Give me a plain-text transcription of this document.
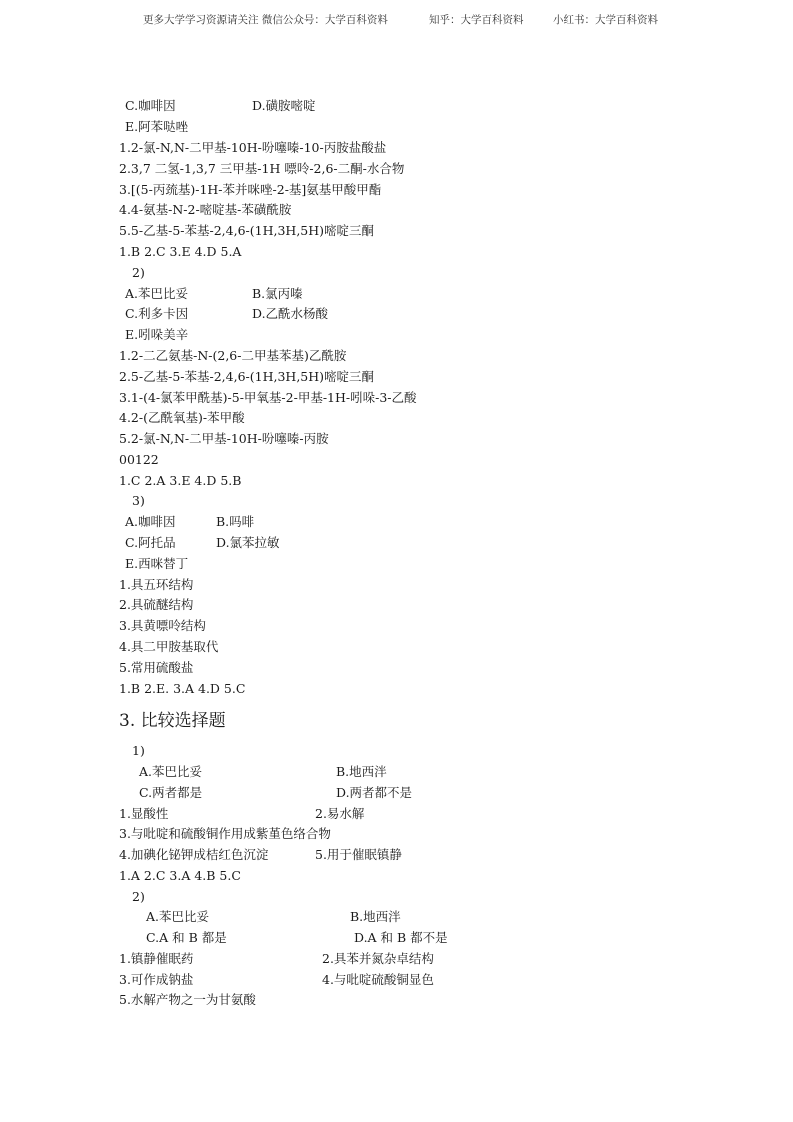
更多大学学习资源请关注 微信公众号：大学百科资料	知乎：大学百科资料	小红书：大学百科资料
C.咖啡因	D.磺胺嘧啶
E.阿苯哒唑
1.2-氯-N,N-二甲基-10H-吩噻嗪-10-丙胺盐酸盐
2.3,7 二氢-1,3,7 三甲基-1H 嘌呤-2,6-二酮-水合物
3.[(5-丙巯基)-1H-苯并咪唑-2-基]氨基甲酸甲酯
4.4-氨基-N-2-嘧啶基-苯磺酰胺
5.5-乙基-5-苯基-2,4,6-(1H,3H,5H)嘧啶三酮
1.B 2.C 3.E 4.D 5.A
2)
A.苯巴比妥	B.氯丙嗪
C.利多卡因	D.乙酰水杨酸
E.吲哚美辛
1.2-二乙氨基-N-(2,6-二甲基苯基)乙酰胺
2.5-乙基-5-苯基-2,4,6-(1H,3H,5H)嘧啶三酮
3.1-(4-氯苯甲酰基)-5-甲氧基-2-甲基-1H-吲哚-3-乙酸
4.2-(乙酰氧基)-苯甲酸
5.2-氯-N,N-二甲基-10H-吩噻嗪-丙胺
00122
1.C 2.A 3.E 4.D 5.B
3)
A.咖啡因	B.吗啡
C.阿托品	D.氯苯拉敏
E.西咪替丁
1.具五环结构
2.具硫醚结构
3.具黄嘌呤结构
4.具二甲胺基取代
5.常用硫酸盐
1.B 2.E. 3.A 4.D 5.C
3. 比较选择题
1)
A.苯巴比妥	B.地西泮
C.两者都是	D.两者都不是
1.显酸性	2.易水解
3.与吡啶和硫酸铜作用成紫堇色络合物
4.加碘化铋钾成桔红色沉淀	5.用于催眠镇静
1.A 2.C 3.A 4.B 5.C
2)
A.苯巴比妥	B.地西泮
C.A 和 B 都是	D.A 和 B 都不是
1.镇静催眠药	2.具苯并氮杂卓结构
3.可作成钠盐	4.与吡啶硫酸铜显色
5.水解产物之一为甘氨酸
